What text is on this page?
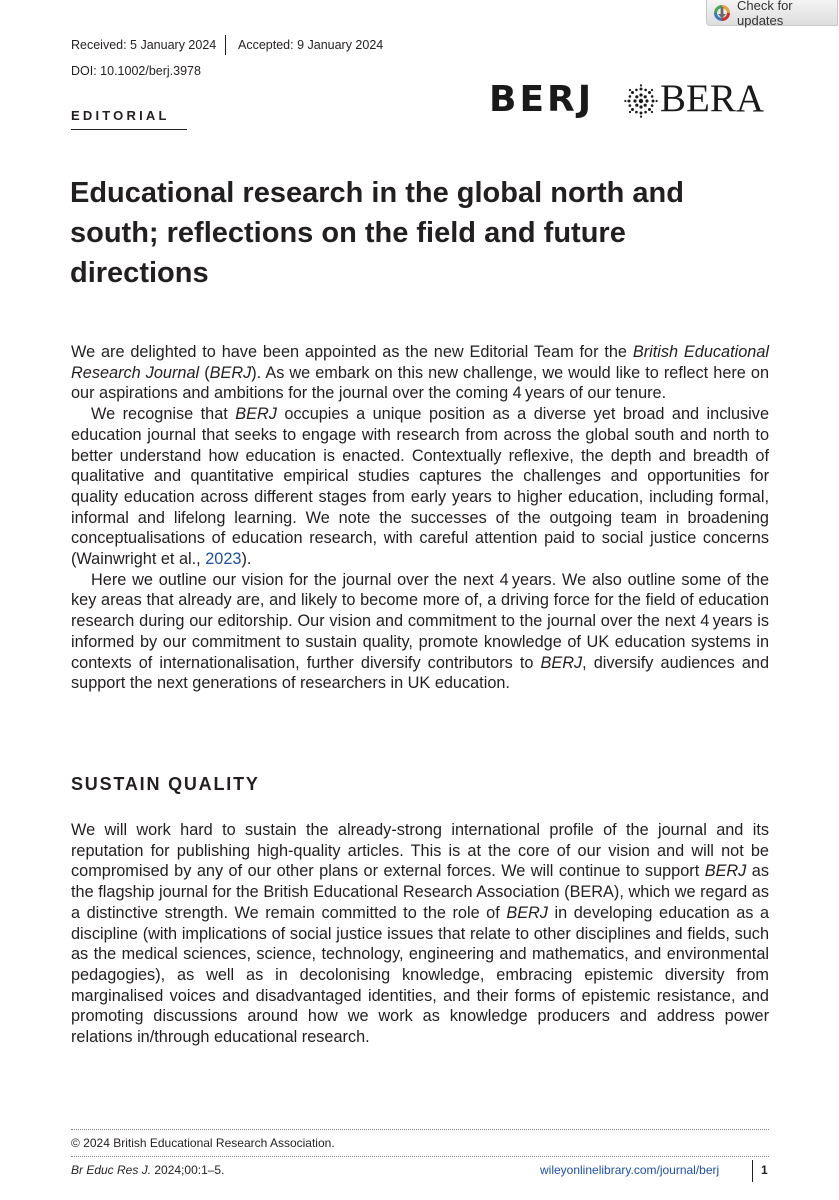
Check for updates
Received: 5 January 2024 Accepted: 9 January 2024
DOI: 10.1002/berj.3978
EDITORIAL	BERJ BERA
Educational research in the global north and south; reflections on the field and future directions

We are delighted to have been appointed as the new Editorial Team for the British Educational Research Journal (BERJ). As we embark on this new challenge, we would like to reflect here on our aspirations and ambitions for the journal over the coming 4 years of our tenure.

We recognise that BERJ occupies a unique position as a diverse yet broad and inclusive education journal that seeks to engage with research from across the global south and north to better understand how education is enacted. Contextually reflexive, the depth and breadth of qualitative and quantitative empirical studies captures the challenges and opportunities for quality education across different stages from early years to higher education, including formal, informal and lifelong learning. We note the successes of the outgoing team in broadening conceptualisations of education research, with careful attention paid to social justice concerns (Wainwright et al., 2023).

Here we outline our vision for the journal over the next 4 years. We also outline some of the key areas that already are, and likely to become more of, a driving force for the field of education research during our editorship. Our vision and commitment to the journal over the next 4 years is informed by our commitment to sustain quality, promote knowledge of UK education systems in contexts of internationalisation, further diversify contributors to BERJ, diversify audiences and support the next generations of researchers in UK education.

SUSTAIN QUALITY

We will work hard to sustain the already-strong international profile of the journal and its reputation for publishing high-quality articles. This is at the core of our vision and will not be compromised by any of our other plans or external forces. We will continue to support BERJ as the flagship journal for the British Educational Research Association (BERA), which we regard as a distinctive strength. We remain committed to the role of BERJ in developing education as a discipline (with implications of social justice issues that relate to other disciplines and fields, such as the medical sciences, science, technology, engineering and mathematics, and environmental pedagogies), as well as in decolonising knowledge, embracing epistemic diversity from marginalised voices and disadvantaged identities, and their forms of epistemic resistance, and promoting discussions around how we work as knowledge producers and address power relations in/through educational research.

© 2024 British Educational Research Association.
Br Educ Res J. 2024;00:1–5.	wileyonlinelibrary.com/journal/berj	1
